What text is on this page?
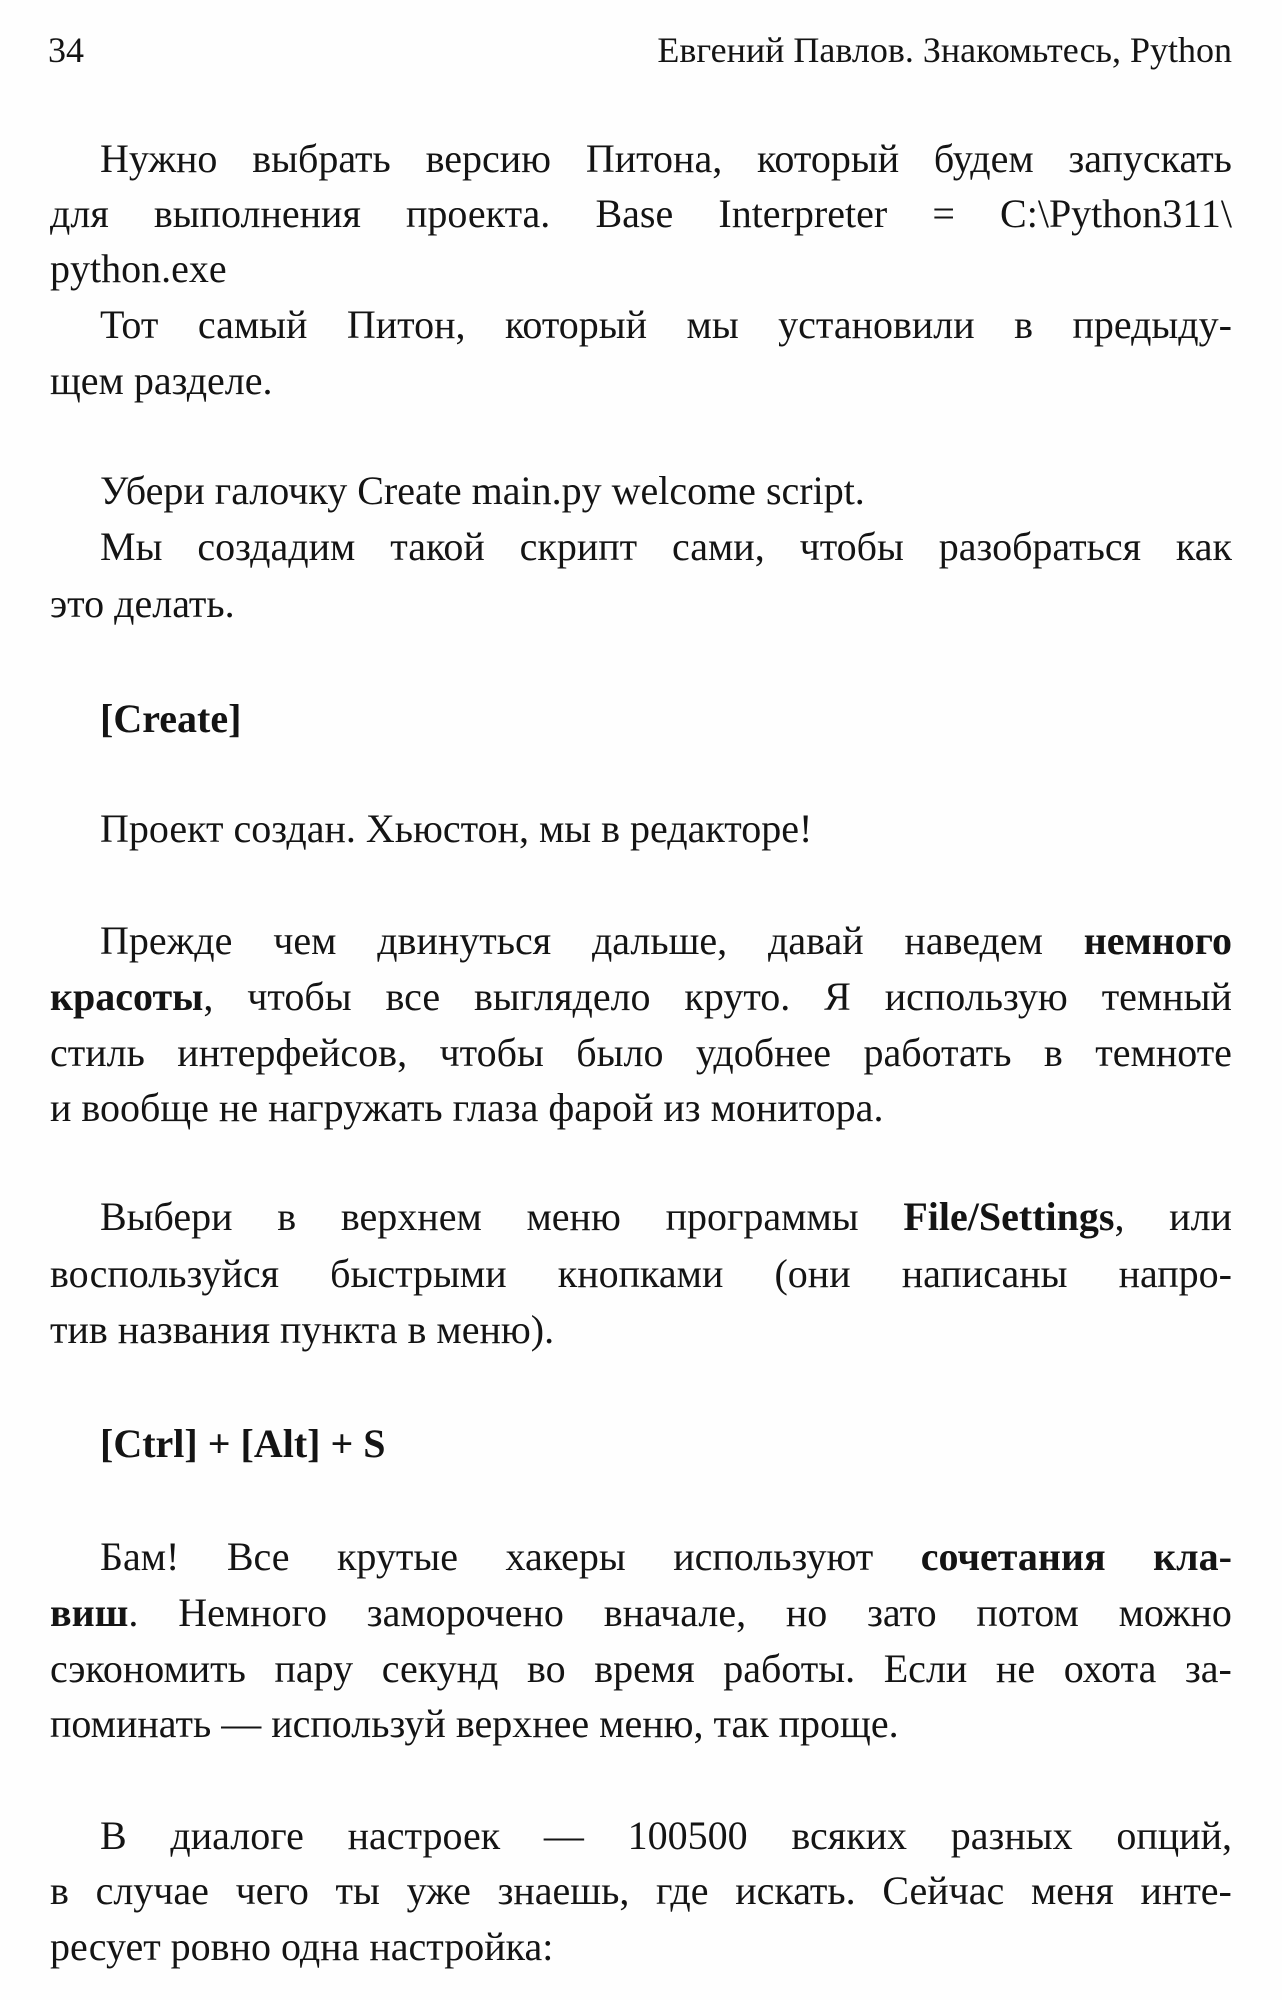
34	Евгений Павлов. Знакомьтесь, Python
Нужно выбрать версию Питона, который будем запускать
для выполнения проекта. Base Interpreter = C:\Python311\
python.exe
Тот самый Питон, который мы установили в предыду-
щем разделе.
Убери галочку Create main.py welcome script.
Мы создадим такой скрипт сами, чтобы разобраться как
это делать.
[Create]
Проект создан. Хьюстон, мы в редакторе!
Прежде чем двинуться дальше, давай наведем немного
красоты, чтобы все выглядело круто. Я использую темный
стиль интерфейсов, чтобы было удобнее работать в темноте
и вообще не нагружать глаза фарой из монитора.
Выбери в верхнем меню программы File/Settings, или
воспользуйся быстрыми кнопками (они написаны напро-
тив названия пункта в меню).
[Ctrl] + [Alt] + S
Бам! Все крутые хакеры используют сочетания кла-
виш. Немного заморочено вначале, но зато потом можно
сэкономить пару секунд во время работы. Если не охота за-
поминать — используй верхнее меню, так проще.
В диалоге настроек — 100500 всяких разных опций,
в случае чего ты уже знаешь, где искать. Сейчас меня инте-
ресует ровно одна настройка:
